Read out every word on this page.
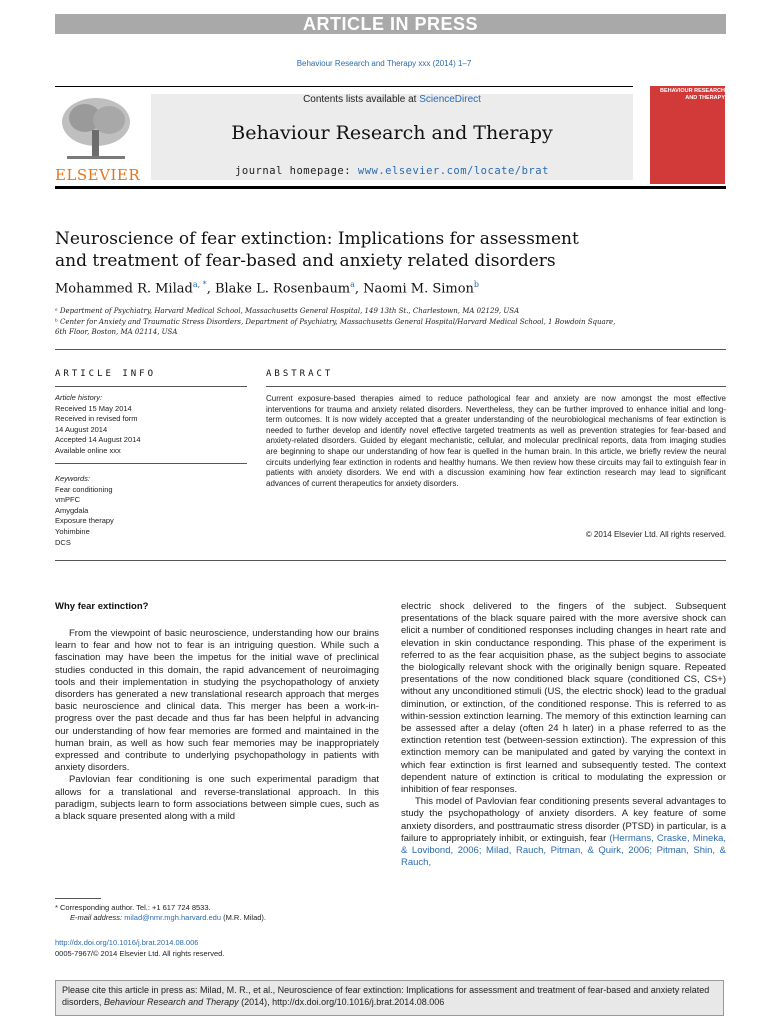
ARTICLE IN PRESS
Behaviour Research and Therapy xxx (2014) 1–7
Contents lists available at ScienceDirect
Behaviour Research and Therapy
journal homepage: www.elsevier.com/locate/brat
ELSEVIER
BEHAVIOUR RESEARCH AND THERAPY
Neuroscience of fear extinction: Implications for assessment
and treatment of fear-based and anxiety related disorders
Mohammed R. Milad$^{a, *}$, Blake L. Rosenbaum$^a$, Naomi M. Simon$^b$
ᵃ Department of Psychiatry, Harvard Medical School, Massachusetts General Hospital, 149 13th St., Charlestown, MA 02129, USA
ᵇ Center for Anxiety and Traumatic Stress Disorders, Department of Psychiatry, Massachusetts General Hospital/Harvard Medical School, 1 Bowdoin Square,
6th Floor, Boston, MA 02114, USA
ARTICLE INFO
Article history:
Received 15 May 2014
Received in revised form
14 August 2014
Accepted 14 August 2014
Available online xxx
Keywords:
Fear conditioning
vmPFC
Amygdala
Exposure therapy
Yohimbine
DCS
ABSTRACT
Current exposure-based therapies aimed to reduce pathological fear and anxiety are now amongst the most effective interventions for trauma and anxiety related disorders. Nevertheless, they can be further improved to enhance initial and long-term outcomes. It is now widely accepted that a greater understanding of the neurobiological mechanisms of fear extinction is needed to further develop and identify novel effective targeted treatments as well as prevention strategies for fear-based and anxiety-related disorders. Guided by elegant mechanistic, cellular, and molecular preclinical reports, data from imaging studies are beginning to shape our understanding of how fear is quelled in the human brain. In this article, we briefly review the neural circuits underlying fear extinction in rodents and healthy humans. We then review how these circuits may fail to extinguish fear in patients with anxiety disorders. We end with a discussion examining how fear extinction research may lead to significant advances of current therapeutics for anxiety disorders.
© 2014 Elsevier Ltd. All rights reserved.
Why fear extinction?

From the viewpoint of basic neuroscience, understanding how our brains learn to fear and how not to fear is an intriguing question. While such a fascination may have been the impetus for the initial wave of preclinical studies conducted in this domain, the rapid advancement of neuroimaging tools and their implementation in studying the psychopathology of anxiety disorders has generated a new translational research approach that merges basic neuroscience and clinical data. This merger has been a work-in-progress over the past decade and thus far has been helpful in advancing our understanding of how fear memories are formed and maintained in the human brain, as well as how such fear memories may be inappropriately expressed and contribute to underlying psychopathology in patients with anxiety disorders.

Pavlovian fear conditioning is one such experimental paradigm that allows for a translational and reverse-translational approach. In this paradigm, subjects learn to form associations between simple cues, such as a black square presented along with a mild

electric shock delivered to the fingers of the subject. Subsequent presentations of the black square paired with the more aversive shock can elicit a number of conditioned responses including changes in heart rate and elevation in skin conductance responding. This phase of the experiment is referred to as the fear acquisition phase, as the subject begins to associate the biologically relevant shock with the originally benign square. Repeated presentations of the now conditioned black square (conditioned CS, CS+) without any unconditioned stimuli (US, the electric shock) lead to the gradual diminution, or extinction, of the conditioned response. This is referred to as within-session extinction learning. The memory of this extinction learning can be assessed after a delay (often 24 h later) in a phase referred to as the extinction retention test (between-session extinction). The expression of this extinction memory can be manipulated and gated by varying the context in which fear extinction is first learned and subsequently tested. The context dependent nature of extinction is critical to modulating the expression or inhibition of fear responses.

This model of Pavlovian fear conditioning presents several advantages to study the psychopathology of anxiety disorders. A key feature of some anxiety disorders, and posttraumatic stress disorder (PTSD) in particular, is a failure to appropriately inhibit, or extinguish, fear (Hermans, Craske, Mineka, & Lovibond, 2006; Milad, Rauch, Pitman, & Quirk, 2006; Pitman, Shin, & Rauch,

* Corresponding author. Tel.: +1 617 724 8533.
E-mail address: milad@nmr.mgh.harvard.edu (M.R. Milad).
http://dx.doi.org/10.1016/j.brat.2014.08.006
0005-7967/© 2014 Elsevier Ltd. All rights reserved.
Please cite this article in press as: Milad, M. R., et al., Neuroscience of fear extinction: Implications for assessment and treatment of fear-based and anxiety related disorders, Behaviour Research and Therapy (2014), http://dx.doi.org/10.1016/j.brat.2014.08.006
